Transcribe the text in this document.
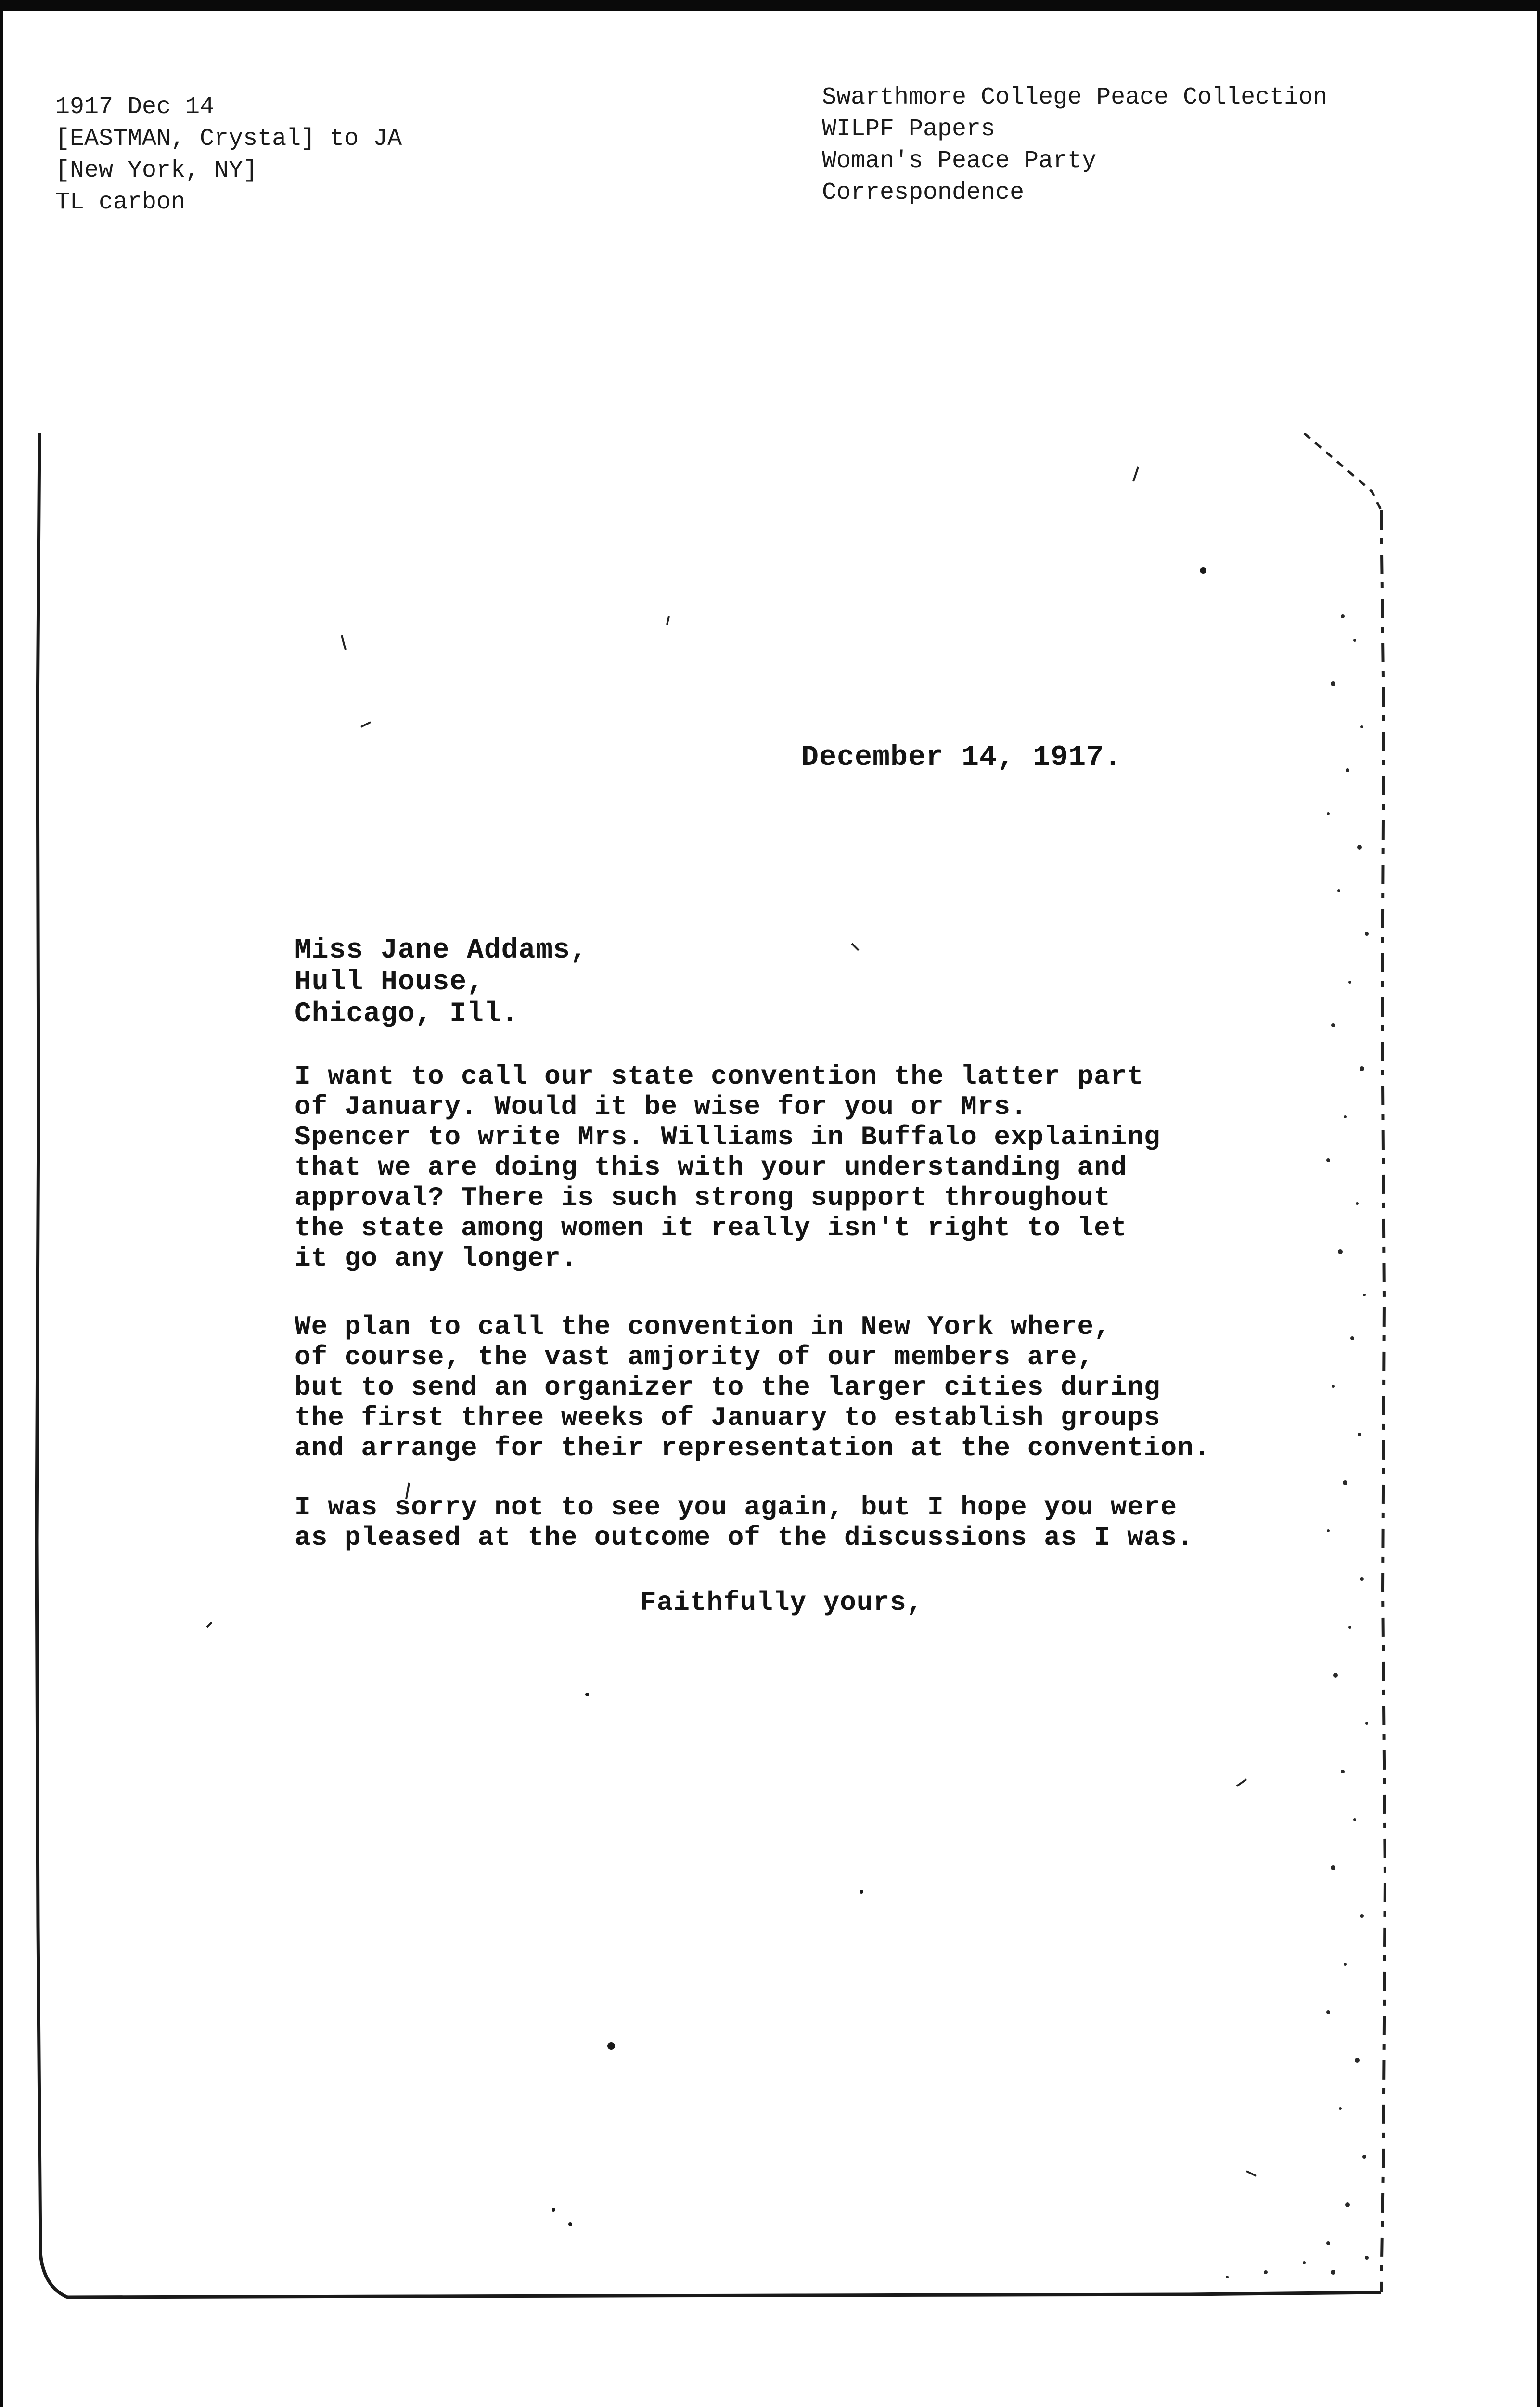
1917 Dec 14
[EASTMAN, Crystal] to JA
[New York, NY]
TL carbon
Swarthmore College Peace Collection
WILPF Papers
Woman's Peace Party
Correspondence
December 14, 1917.
Miss Jane Addams,
Hull House,
Chicago, Ill.
I want to call our state convention the latter part
of January. Would it be wise for you or Mrs.
Spencer to write Mrs. Williams in Buffalo explaining
that we are doing this with your understanding and
approval? There is such strong support throughout
the state among women it really isn't right to let
it go any longer.
We plan to call the convention in New York where,
of course, the vast amjority of our members are,
but to send an organizer to the larger cities during
the first three weeks of January to establish groups
and arrange for their representation at the convention.
I was sorry not to see you again, but I hope you were
as pleased at the outcome of the discussions as I was.
Faithfully yours,
